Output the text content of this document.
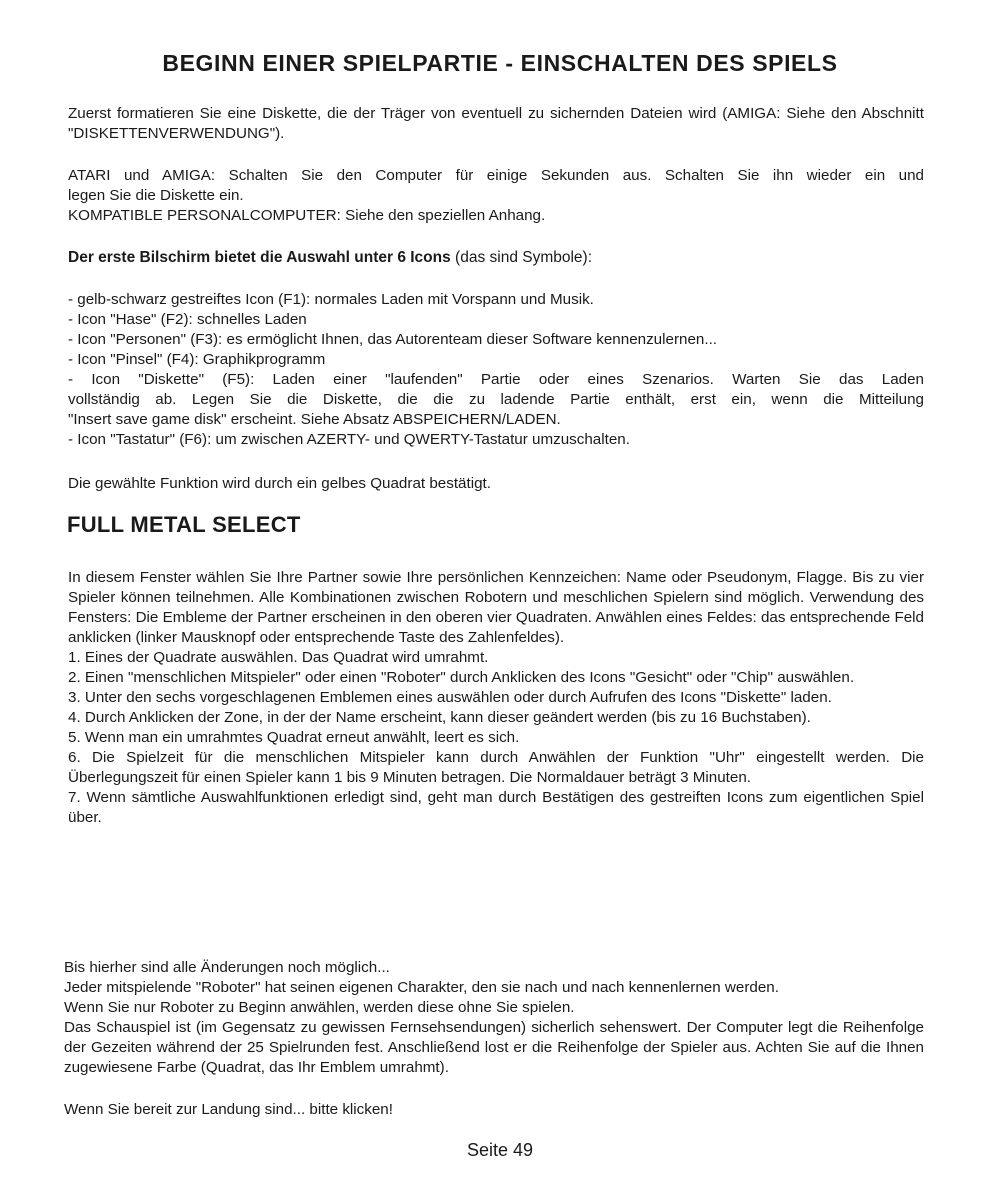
BEGINN EINER SPIELPARTIE - EINSCHALTEN DES SPIELS

Zuerst formatieren Sie eine Diskette, die der Träger von eventuell zu sichernden Dateien wird (AMIGA: Siehe den Abschnitt "DISKETTENVERWENDUNG").

ATARI und AMIGA: Schalten Sie den Computer für einige Sekunden aus. Schalten Sie ihn wieder ein und
legen Sie die Diskette ein.
KOMPATIBLE PERSONALCOMPUTER: Siehe den speziellen Anhang.

Der erste Bilschirm bietet die Auswahl unter 6 Icons (das sind Symbole):

- gelb-schwarz gestreiftes Icon (F1): normales Laden mit Vorspann und Musik.
- Icon "Hase" (F2): schnelles Laden
- Icon "Personen" (F3): es ermöglicht Ihnen, das Autorenteam dieser Software kennenzulernen...
- Icon "Pinsel" (F4): Graphikprogramm
- Icon "Diskette" (F5): Laden einer "laufenden" Partie oder eines Szenarios. Warten Sie das Laden
vollständig ab. Legen Sie die Diskette, die die zu ladende Partie enthält, erst ein, wenn die Mitteilung
"Insert save game disk" erscheint. Siehe Absatz ABSPEICHERN/LADEN.
- Icon "Tastatur" (F6): um zwischen AZERTY- und QWERTY-Tastatur umzuschalten.

Die gewählte Funktion wird durch ein gelbes Quadrat bestätigt.

FULL METAL SELECT
In diesem Fenster wählen Sie Ihre Partner sowie Ihre persönlichen Kennzeichen: Name oder Pseudonym, Flagge. Bis zu vier Spieler können teilnehmen. Alle Kombinationen zwischen Robotern und meschlichen Spielern sind möglich. Verwendung des Fensters: Die Embleme der Partner erscheinen in den oberen vier Quadraten. Anwählen eines Feldes: das entsprechende Feld anklicken (linker Mausknopf oder entsprechende Taste des Zahlenfeldes).
1. Eines der Quadrate auswählen. Das Quadrat wird umrahmt.
2. Einen "menschlichen Mitspieler" oder einen "Roboter" durch Anklicken des Icons "Gesicht" oder "Chip" auswählen.
3. Unter den sechs vorgeschlagenen Emblemen eines auswählen oder durch Aufrufen des Icons "Diskette" laden.
4. Durch Anklicken der Zone, in der der Name erscheint, kann dieser geändert werden (bis zu 16 Buchstaben).
5. Wenn man ein umrahmtes Quadrat erneut anwählt, leert es sich.
6. Die Spielzeit für die menschlichen Mitspieler kann durch Anwählen der Funktion "Uhr" eingestellt werden. Die Überlegungszeit für einen Spieler kann 1 bis 9 Minuten betragen. Die Normaldauer beträgt 3 Minuten.
7. Wenn sämtliche Auswahlfunktionen erledigt sind, geht man durch Bestätigen des gestreiften Icons zum eigentlichen Spiel über.
Bis hierher sind alle Änderungen noch möglich...
Jeder mitspielende "Roboter" hat seinen eigenen Charakter, den sie nach und nach kennenlernen werden.
Wenn Sie nur Roboter zu Beginn anwählen, werden diese ohne Sie spielen.
Das Schauspiel ist (im Gegensatz zu gewissen Fernsehsendungen) sicherlich sehenswert. Der Computer legt die Reihenfolge der Gezeiten während der 25 Spielrunden fest. Anschließend lost er die Reihenfolge der Spieler aus. Achten Sie auf die Ihnen zugewiesene Farbe (Quadrat, das Ihr Emblem umrahmt).

Wenn Sie bereit zur Landung sind... bitte klicken!

Seite 49
